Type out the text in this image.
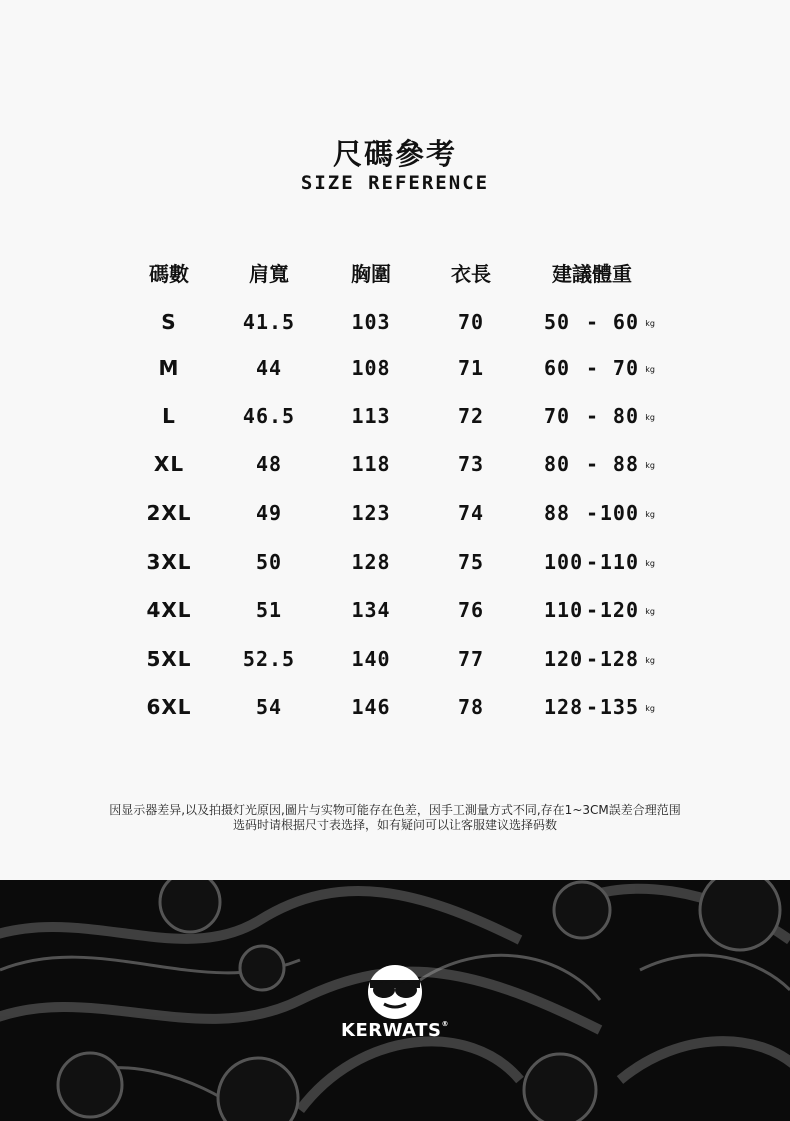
尺碼參考
SIZE REFERENCE
碼數	肩寬	胸圍	衣長	建議體重
S	41.5	103	70	50 - 60 kg
M	44	108	71	60 - 70 kg
L	46.5	113	72	70 - 80 kg
XL	48	118	73	80 - 88 kg
2XL	49	123	74	88 - 100 kg
3XL	50	128	75	100 - 110 kg
4XL	51	134	76	110 - 120 kg
5XL	52.5	140	77	120 - 128 kg
6XL	54	146	78	128 - 135 kg
因显示器差异,以及拍摄灯光原因,圖片与实物可能存在色差，因手工測量方式不同,存在1~3CM誤差合理范围
选码时请根据尺寸表选择，如有疑问可以让客服建议选择码数
KERWATS®
